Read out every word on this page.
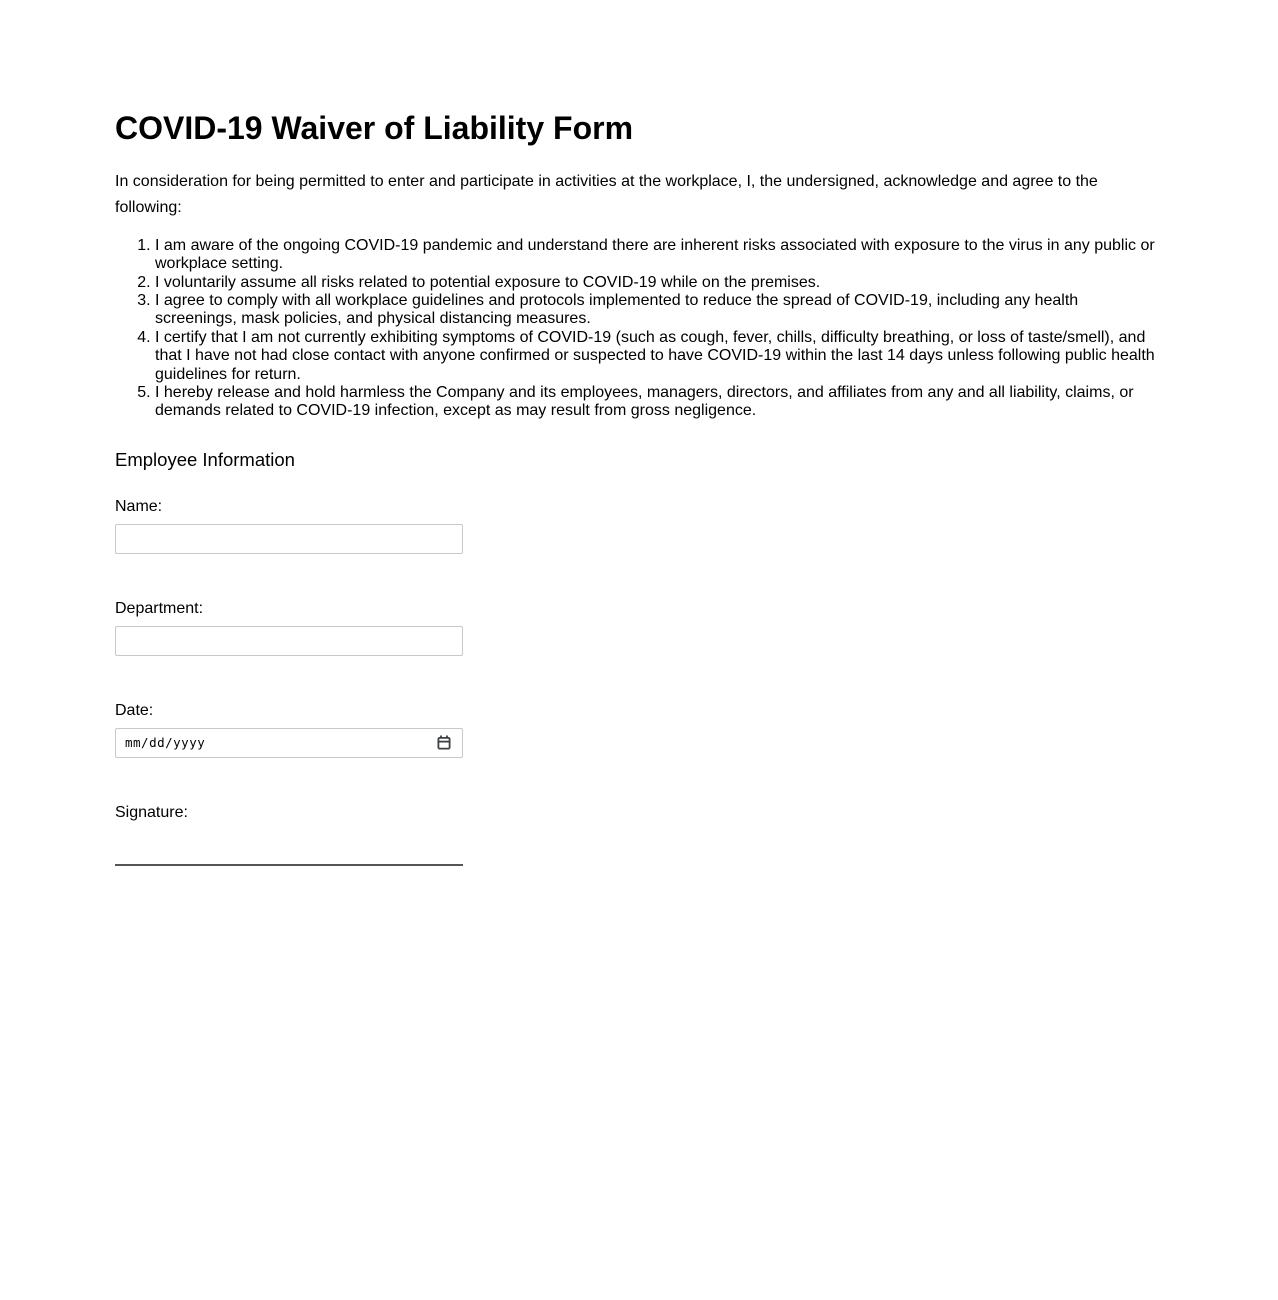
COVID-19 Waiver of Liability Form

In consideration for being permitted to enter and participate in activities at the workplace, I, the undersigned, acknowledge and agree to the following:

1. I am aware of the ongoing COVID-19 pandemic and understand there are inherent risks associated with exposure to the virus in any public or workplace setting.
2. I voluntarily assume all risks related to potential exposure to COVID-19 while on the premises.
3. I agree to comply with all workplace guidelines and protocols implemented to reduce the spread of COVID-19, including any health screenings, mask policies, and physical distancing measures.
4. I certify that I am not currently exhibiting symptoms of COVID-19 (such as cough, fever, chills, difficulty breathing, or loss of taste/smell), and that I have not had close contact with anyone confirmed or suspected to have COVID-19 within the last 14 days unless following public health guidelines for return.
5. I hereby release and hold harmless the Company and its employees, managers, directors, and affiliates from any and all liability, claims, or demands related to COVID-19 infection, except as may result from gross negligence.
Employee Information
Name:
Department:
Date:
mm/dd/yyyy
Signature:
